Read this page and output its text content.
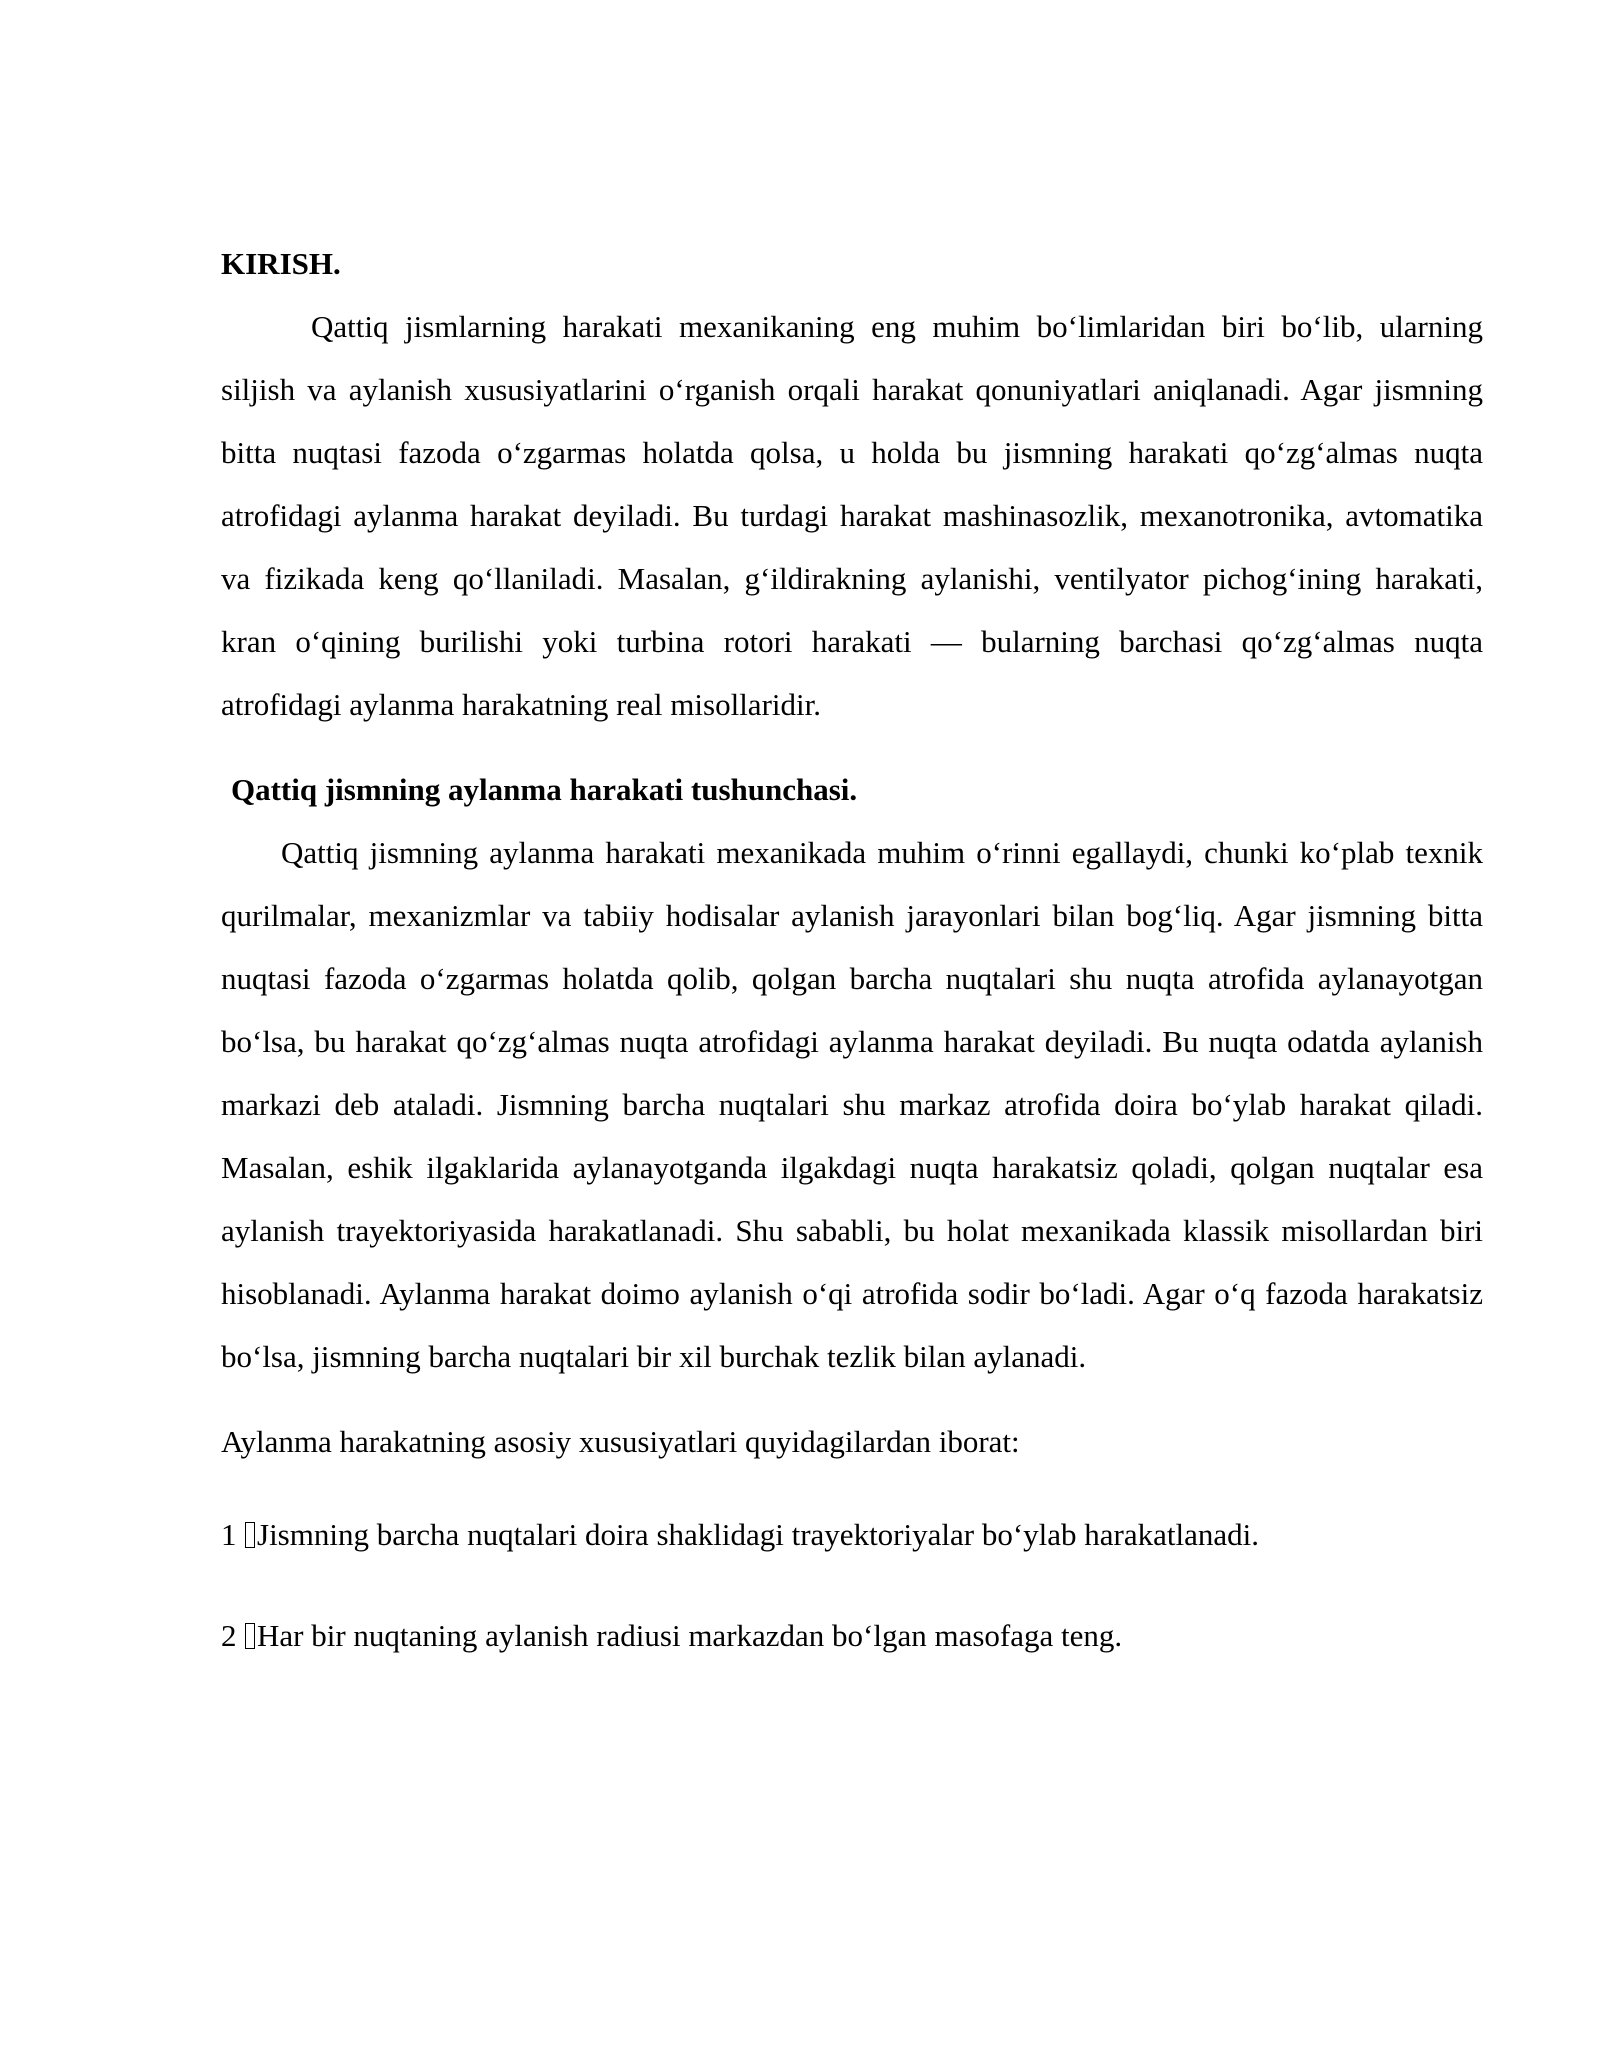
KIRISH.

Qattiq jismlarning harakati mexanikaning eng muhim bo‘limlaridan biri bo‘lib, ularning siljish va aylanish xususiyatlarini o‘rganish orqali harakat qonuniyatlari aniqlanadi. Agar jismning bitta nuqtasi fazoda o‘zgarmas holatda qolsa, u holda bu jismning harakati qo‘zg‘almas nuqta atrofidagi aylanma harakat deyiladi. Bu turdagi harakat mashinasozlik, mexanotronika, avtomatika va fizikada keng qo‘llaniladi. Masalan, g‘ildirakning aylanishi, ventilyator pichog‘ining harakati, kran o‘qining burilishi yoki turbina rotori harakati — bularning barchasi qo‘zg‘almas nuqta atrofidagi aylanma harakatning real misollaridir.

Qattiq jismning aylanma harakati tushunchasi.

Qattiq jismning aylanma harakati mexanikada muhim o‘rinni egallaydi, chunki ko‘plab texnik qurilmalar, mexanizmlar va tabiiy hodisalar aylanish jarayonlari bilan bog‘liq. Agar jismning bitta nuqtasi fazoda o‘zgarmas holatda qolib, qolgan barcha nuqtalari shu nuqta atrofida aylanayotgan bo‘lsa, bu harakat qo‘zg‘almas nuqta atrofidagi aylanma harakat deyiladi. Bu nuqta odatda aylanish markazi deb ataladi. Jismning barcha nuqtalari shu markaz atrofida doira bo‘ylab harakat qiladi. Masalan, eshik ilgaklarida aylanayotganda ilgakdagi nuqta harakatsiz qoladi, qolgan nuqtalar esa aylanish trayektoriyasida harakatlanadi. Shu sababli, bu holat mexanikada klassik misollardan biri hisoblanadi. Aylanma harakat doimo aylanish o‘qi atrofida sodir bo‘ladi. Agar o‘q fazoda harakatsiz bo‘lsa, jismning barcha nuqtalari bir xil burchak tezlik bilan aylanadi.

Aylanma harakatning asosiy xususiyatlari quyidagilardan iborat:

1 Jismning barcha nuqtalari doira shaklidagi trayektoriyalar bo‘ylab harakatlanadi.
2 Har bir nuqtaning aylanish radiusi markazdan bo‘lgan masofaga teng.
